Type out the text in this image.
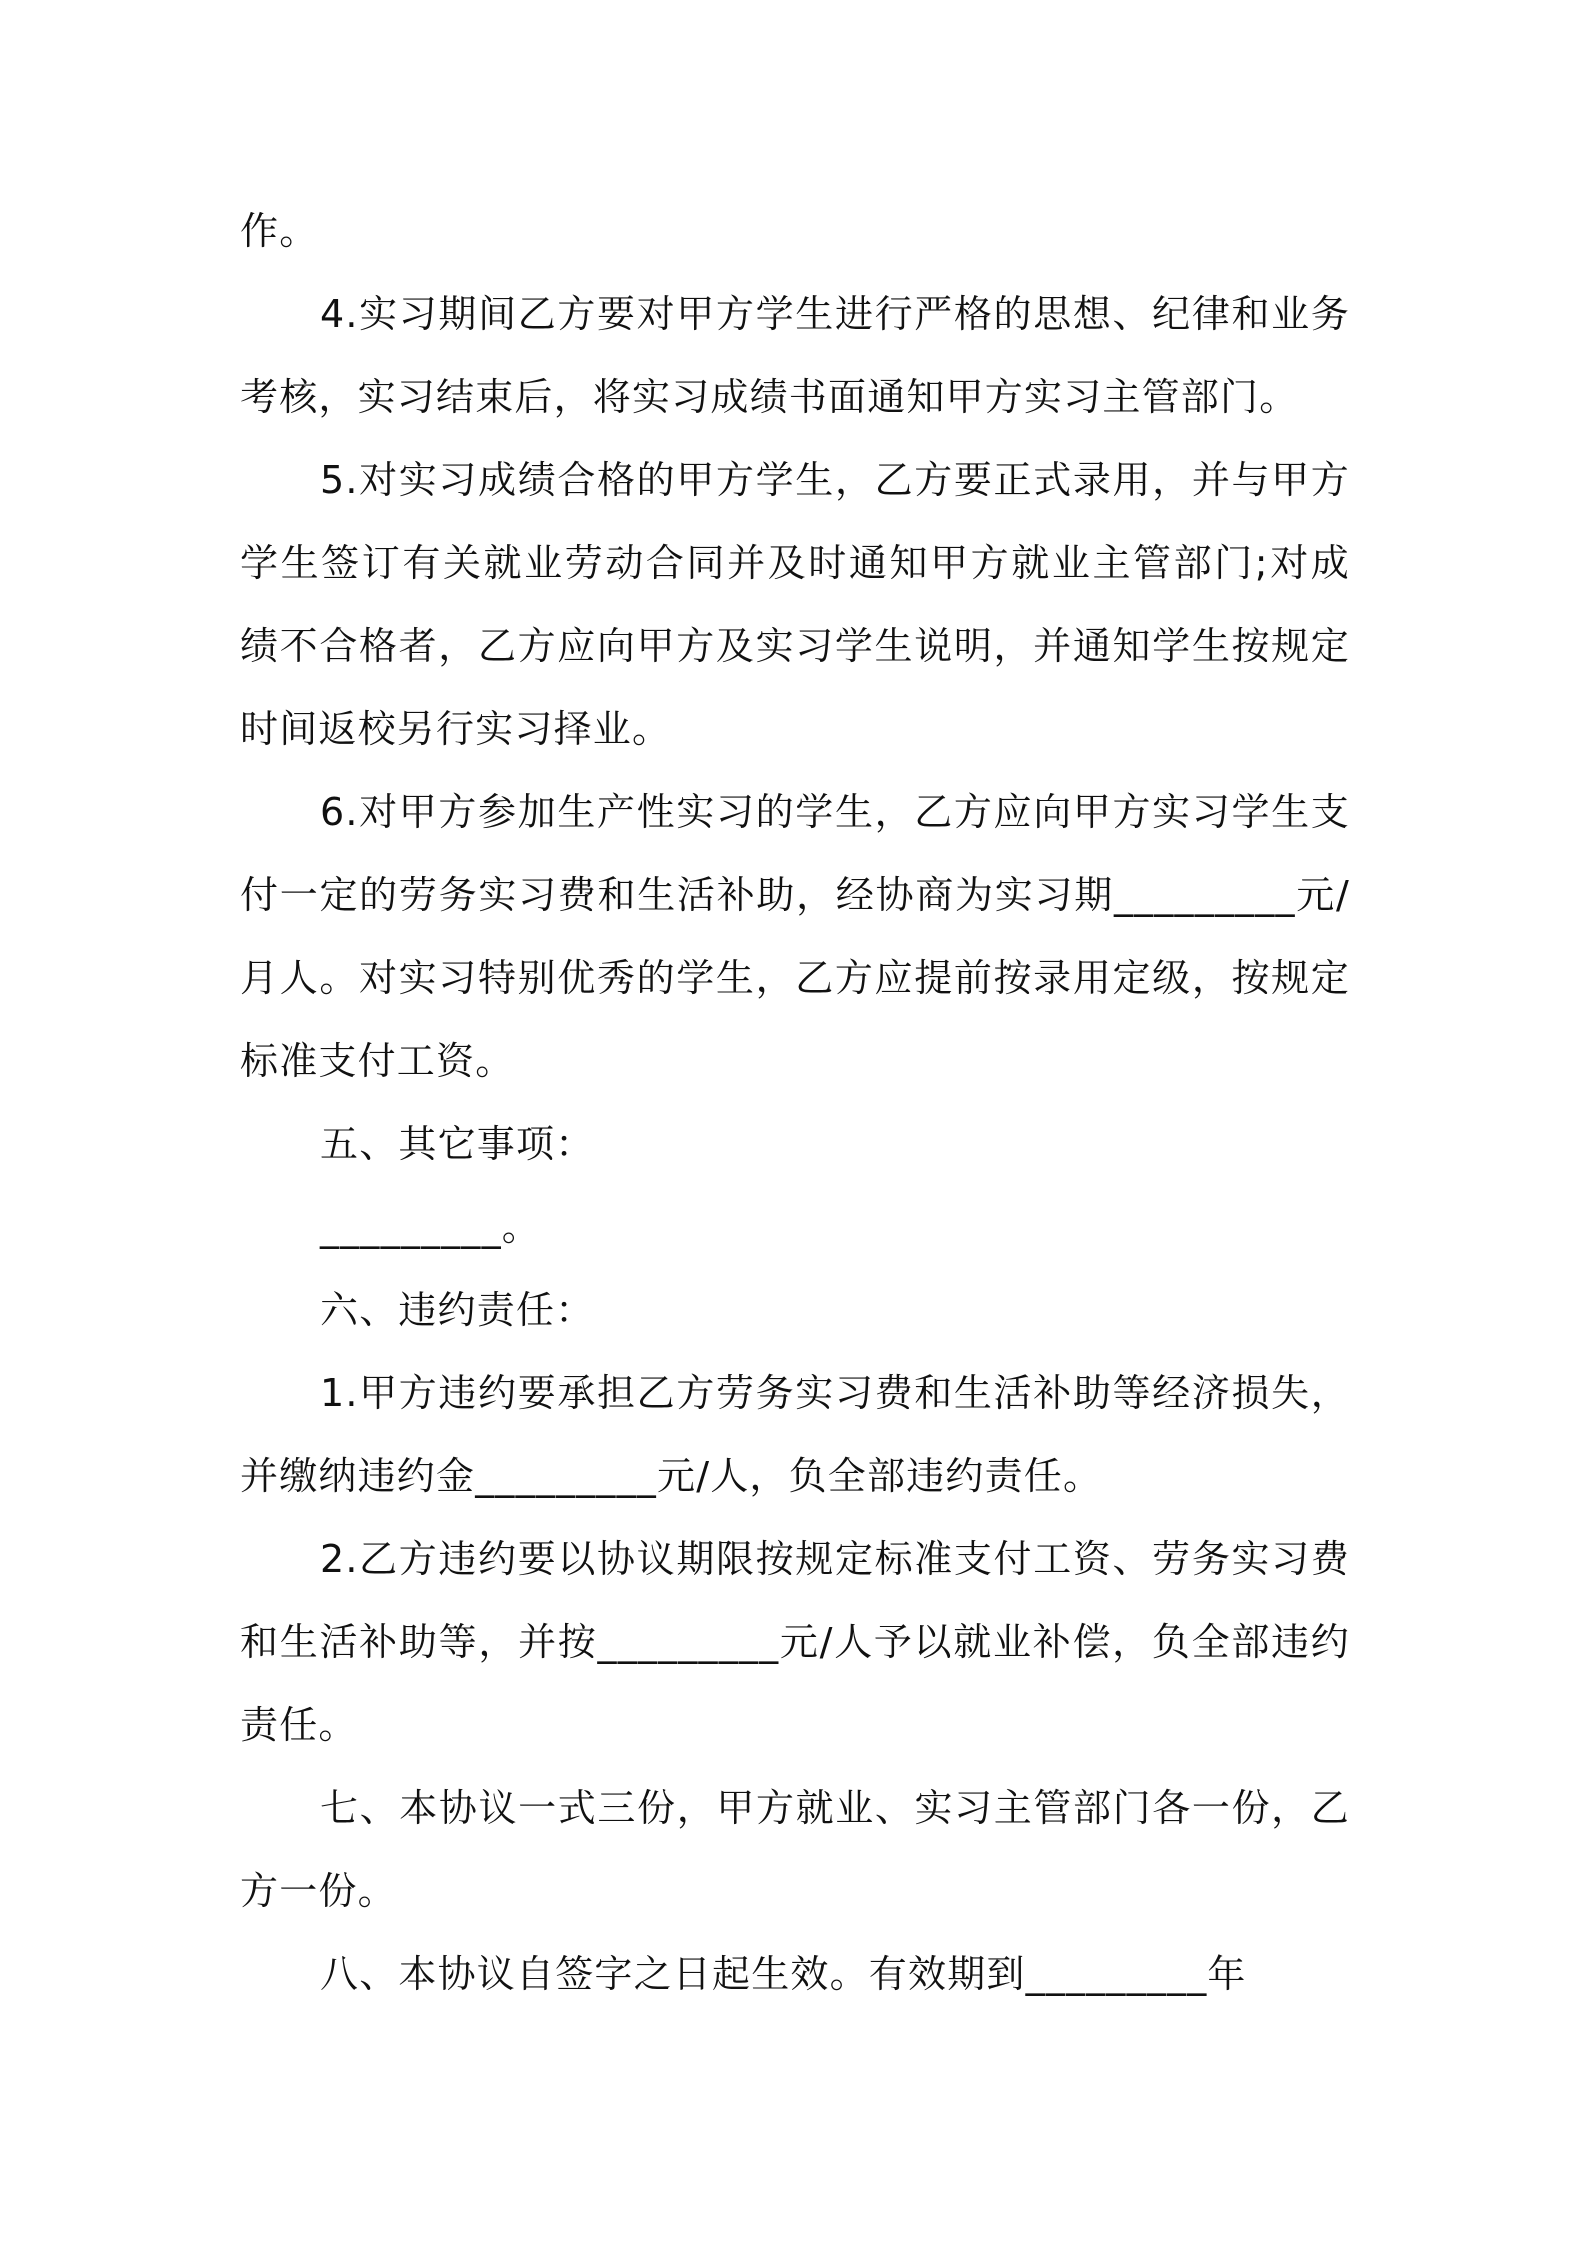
作。

4.实习期间乙方要对甲方学生进行严格的思想、纪律和业务考核，实习结束后，将实习成绩书面通知甲方实习主管部门。

5.对实习成绩合格的甲方学生，乙方要正式录用，并与甲方学生签订有关就业劳动合同并及时通知甲方就业主管部门;对成绩不合格者，乙方应向甲方及实习学生说明，并通知学生按规定时间返校另行实习择业。

6.对甲方参加生产性实习的学生，乙方应向甲方实习学生支付一定的劳务实习费和生活补助，经协商为实习期_________元/月人。对实习特别优秀的学生，乙方应提前按录用定级，按规定标准支付工资。

五、其它事项：

_________。

六、违约责任：

1.甲方违约要承担乙方劳务实习费和生活补助等经济损失，并缴纳违约金_________元/人，负全部违约责任。

2.乙方违约要以协议期限按规定标准支付工资、劳务实习费和生活补助等，并按_________元/人予以就业补偿，负全部违约责任。

七、本协议一式三份，甲方就业、实习主管部门各一份，乙方一份。

八、本协议自签字之日起生效。有效期到_________年
